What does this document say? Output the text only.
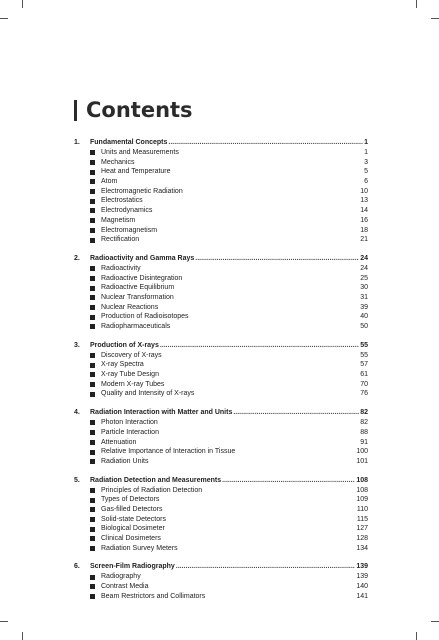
Contents
1.	Fundamental Concepts .....	1
Units and Measurements	1
Mechanics	3
Heat and Temperature	5
Atom	6
Electromagnetic Radiation	10
Electrostatics	13
Electrodynamics	14
Magnetism	16
Electromagnetism	18
Rectification	21
2.	Radioactivity and Gamma Rays .....	24
Radioactivity	24
Radioactive Disintegration	25
Radioactive Equilibrium	30
Nuclear Transformation	31
Nuclear Reactions	39
Production of Radioisotopes	40
Radiopharmaceuticals	50
3.	Production of X-rays .....	55
Discovery of X-rays	55
X-ray Spectra	57
X-ray Tube Design	61
Modern X-ray Tubes	70
Quality and Intensity of X-rays	76
4.	Radiation Interaction with Matter and Units .....	82
Photon Interaction	82
Particle Interaction	88
Attenuation	91
Relative Importance of Interaction in Tissue	100
Radiation Units	101
5.	Radiation Detection and Measurements .....	108
Principles of Radiation Detection	108
Types of Detectors	109
Gas-filled Detectors	110
Solid-state Detectors	115
Biological Dosimeter	127
Clinical Dosimeters	128
Radiation Survey Meters	134
6.	Screen-Film Radiography .....	139
Radiography	139
Contrast Media	140
Beam Restrictors and Collimators	141
